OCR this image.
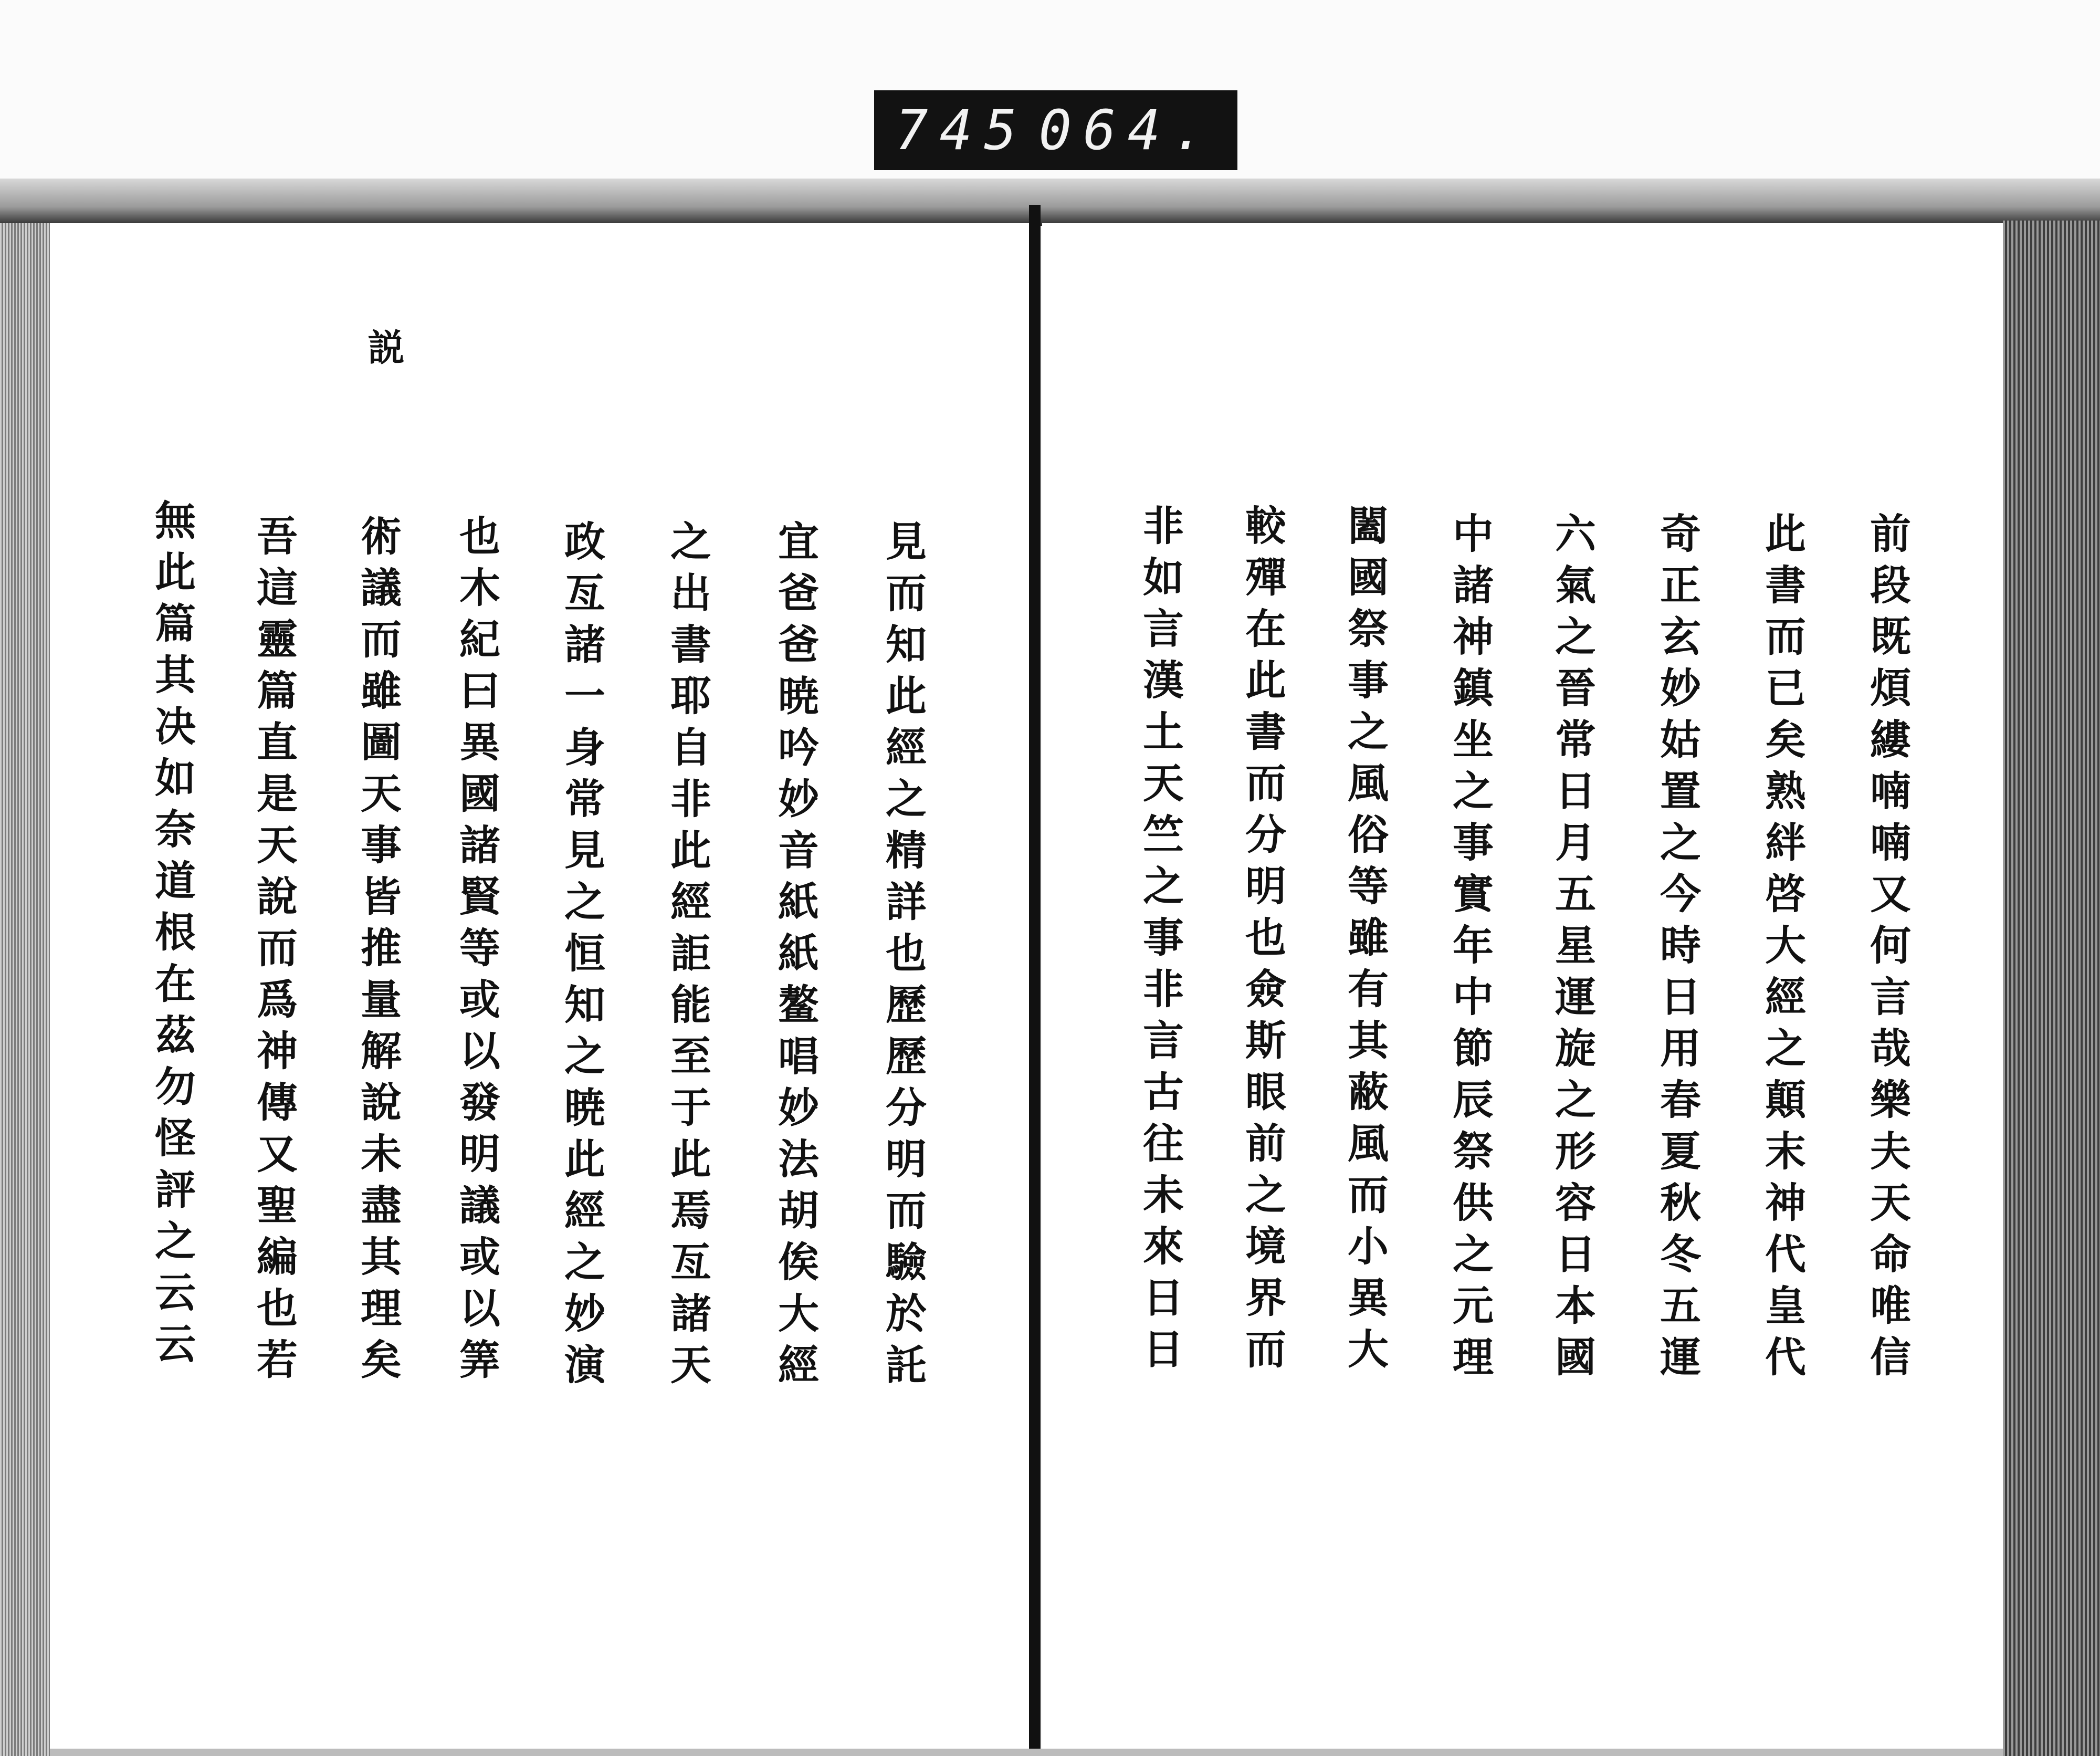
745 064.
説
見而知此經之精詳也歷歷分明而驗於託
宜爸爸暁吟妙音紙紙鳌唱妙法胡俟大經
之出書耶自非此經詎能至于此焉亙諸天
政亙諸一身常見之恒知之暁此經之妙演
也木紀曰異國諸賢等或以發明議或以筭
術議而雖圖天事皆推量解說未盡其理矣
吾這靈篇直是天說而爲神傳又聖編也若
無此篇其决如奈道根在茲勿怪評之云云	前段既煩縷喃喃又何言哉樂夫天命唯信
此書而已矣熟絆啓大經之顛末神代皇代
奇正玄妙姑置之今時日用春夏秋冬五運
六氣之晉常日月五星運旋之形容日本國
中諸神鎮坐之事實年中節辰祭供之元理
闔國祭事之風俗等雖有其蔽風而小異大
較殫在此書而分明也僉斯眼前之境界而
非如言漢土天竺之事非言古往未來日日
